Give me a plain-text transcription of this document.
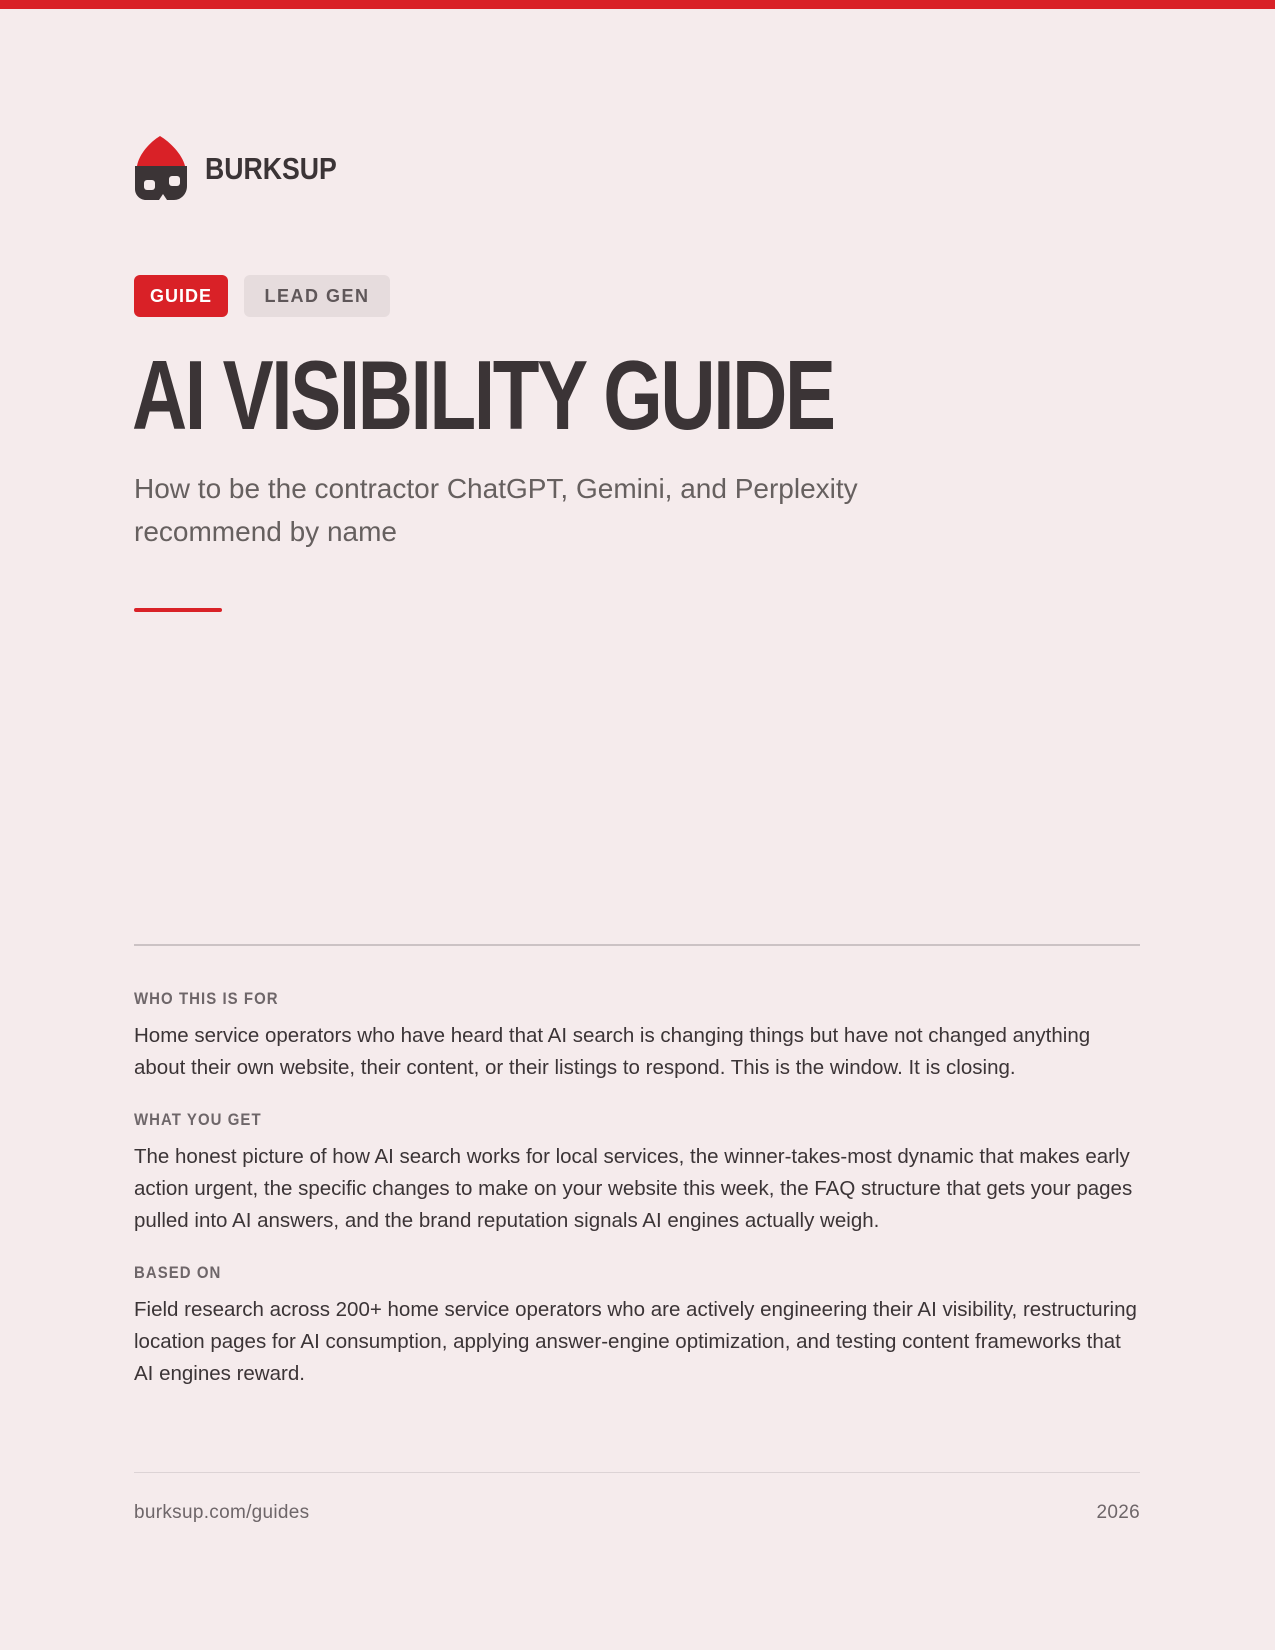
BURKSUP
GUIDE	LEAD GEN
AI VISIBILITY GUIDE

How to be the contractor ChatGPT, Gemini, and Perplexity recommend by name

WHO THIS IS FOR

Home service operators who have heard that AI search is changing things but have not changed anything about their own website, their content, or their listings to respond. This is the window. It is closing.

WHAT YOU GET

The honest picture of how AI search works for local services, the winner-takes-most dynamic that makes early action urgent, the specific changes to make on your website this week, the FAQ structure that gets your pages pulled into AI answers, and the brand reputation signals AI engines actually weigh.

BASED ON

Field research across 200+ home service operators who are actively engineering their AI visibility, restructuring location pages for AI consumption, applying answer-engine optimization, and testing content frameworks that AI engines reward.

burksup.com/guides	2026
